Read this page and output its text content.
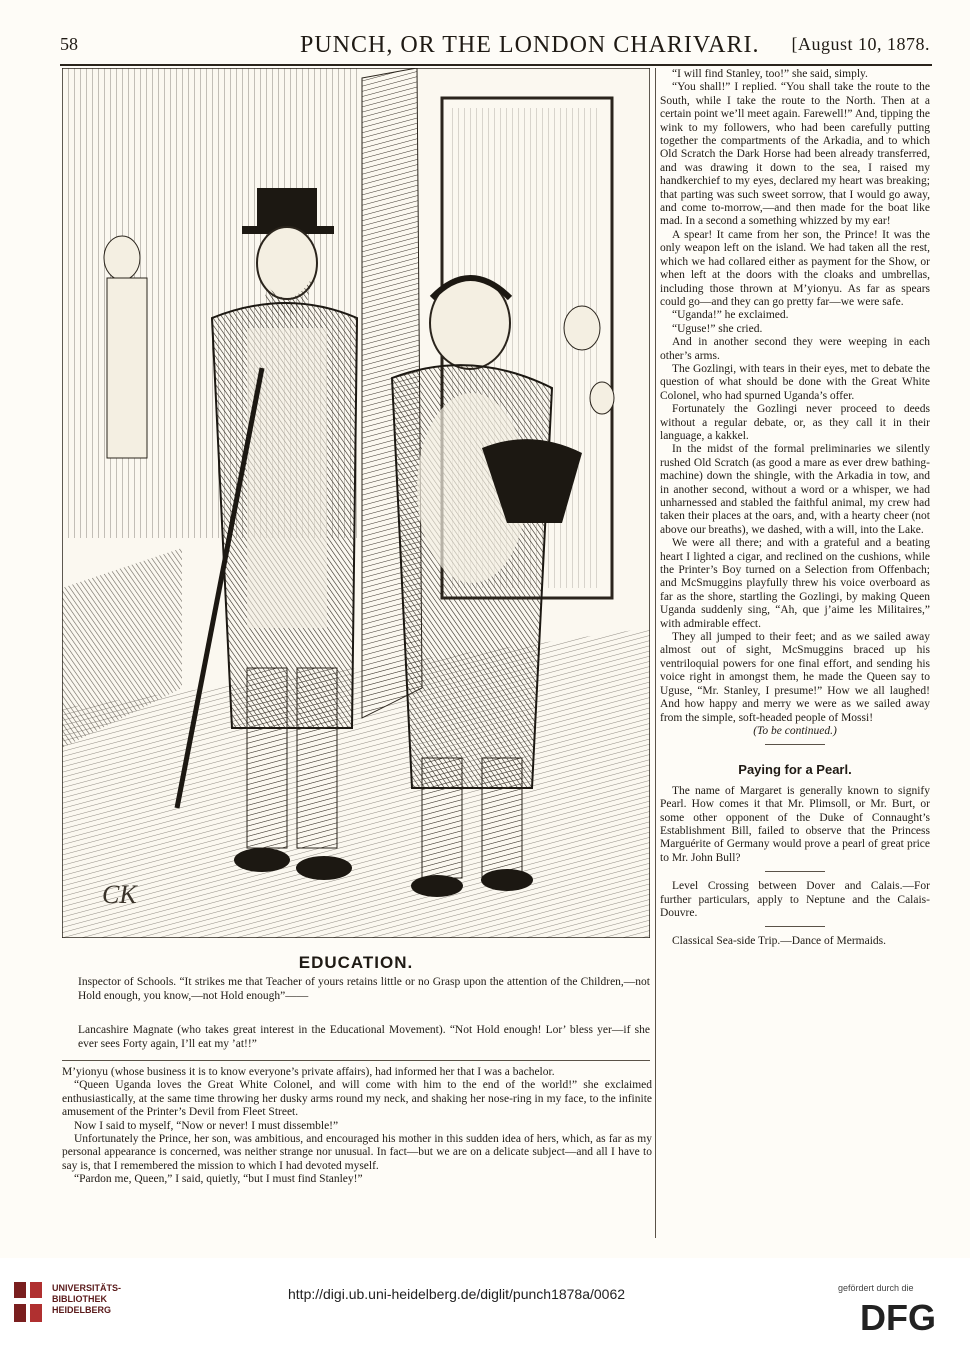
58	PUNCH, OR THE LONDON CHARIVARI. [August 10, 1878.
CK
EDUCATION.
Inspector of Schools. “It strikes me that Teacher of yours retains little or no Grasp upon the attention of the Children,—not Hold enough, you know,—not Hold enough”——
Lancashire Magnate (who takes great interest in the Educational Movement). “Not Hold enough! Lor’ bless yer—if she ever sees Forty again, I’ll eat my ’at!!”

M’yionyu (whose business it is to know everyone’s private affairs), had informed her that I was a bachelor.

“Queen Uganda loves the Great White Colonel, and will come with him to the end of the world!” she exclaimed enthusiastically, at the same time throwing her dusky arms round my neck, and shaking her nose-ring in my face, to the infinite amusement of the Printer’s Devil from Fleet Street.

Now I said to myself, “Now or never! I must dissemble!”

Unfortunately the Prince, her son, was ambitious, and encouraged his mother in this sudden idea of hers, which, as far as my personal appearance is concerned, was neither strange nor unusual. In fact—but we are on a delicate subject—and all I have to say is, that I remembered the mission to which I had devoted myself.

“Pardon me, Queen,” I said, quietly, “but I must find Stanley!”

“I will find Stanley, too!” she said, simply.

“You shall!” I replied. “You shall take the route to the South, while I take the route to the North. Then at a certain point we’ll meet again. Farewell!” And, tipping the wink to my followers, who had been carefully putting together the compartments of the Arkadia, and to which Old Scratch the Dark Horse had been already transferred, and was drawing it down to the sea, I raised my handkerchief to my eyes, declared my heart was breaking; that parting was such sweet sorrow, that I would go away, and come to-morrow,—and then made for the boat like mad. In a second a something whizzed by my ear!

A spear! It came from her son, the Prince! It was the only weapon left on the island. We had taken all the rest, which we had collared either as payment for the Show, or when left at the doors with the cloaks and umbrellas, including those thrown at M’yionyu. As far as spears could go—and they can go pretty far—we were safe.

“Uganda!” he exclaimed.

“Uguse!” she cried.

And in another second they were weeping in each other’s arms.

The Gozlingi, with tears in their eyes, met to debate the question of what should be done with the Great White Colonel, who had spurned Uganda’s offer.

Fortunately the Gozlingi never proceed to deeds without a regular debate, or, as they call it in their language, a kakkel.

In the midst of the formal preliminaries we silently rushed Old Scratch (as good a mare as ever drew bathing-machine) down the shingle, with the Arkadia in tow, and in another second, without a word or a whisper, we had unharnessed and stabled the faithful animal, my crew had taken their places at the oars, and, with a hearty cheer (not above our breaths), we dashed, with a will, into the Lake.

We were all there; and with a grateful and a beating heart I lighted a cigar, and reclined on the cushions, while the Printer’s Boy turned on a Selection from Offenbach; and McSmuggins playfully threw his voice overboard as far as the shore, startling the Gozlingi, by making Queen Uganda suddenly sing, “Ah, que j’aime les Militaires,” with admirable effect.

They all jumped to their feet; and as we sailed away almost out of sight, McSmuggins braced up his ventriloquial powers for one final effort, and sending his voice right in amongst them, he made the Queen say to Uguse, “Mr. Stanley, I presume!” How we all laughed! And how happy and merry we were as we sailed away from the simple, soft-headed people of Mossi!

(To be continued.)

Paying for a Pearl.

The name of Margaret is generally known to signify Pearl. How comes it that Mr. Plimsoll, or Mr. Burt, or some other opponent of the Duke of Connaught’s Establishment Bill, failed to observe that the Princess Marguérite of Germany would prove a pearl of great price to Mr. John Bull?

Level Crossing between Dover and Calais.—For further particulars, apply to Neptune and the Calais-Douvre.

Classical Sea-side Trip.—Dance of Mermaids.

UNIVERSITÄTS-
BIBLIOTHEK
HEIDELBERG
http://digi.ub.uni-heidelberg.de/diglit/punch1878a/0062	gefördert durch die
DFG
